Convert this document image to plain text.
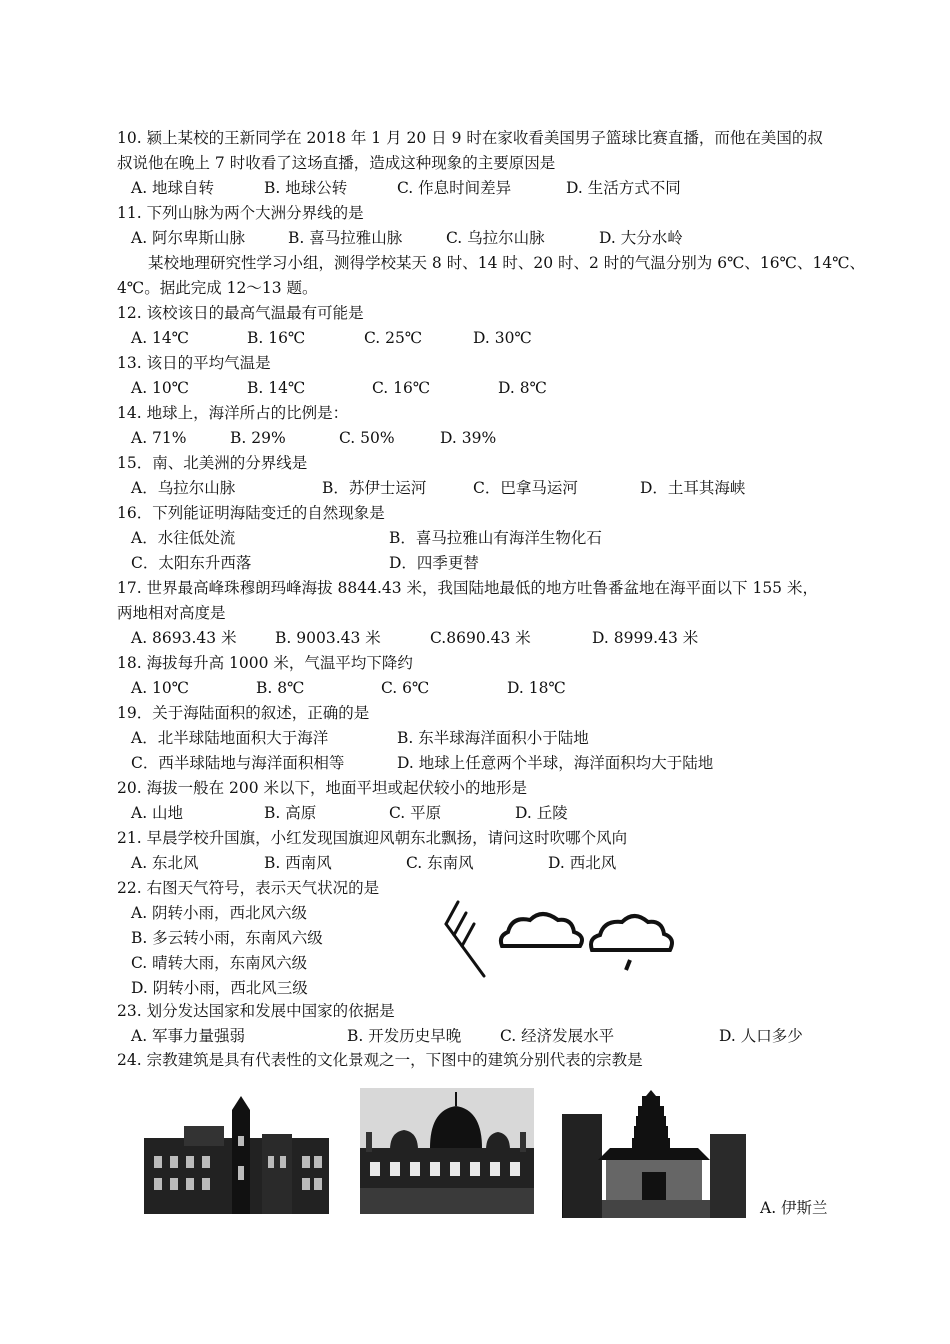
10. 颍上某校的王新同学在 2018 年 1 月 20 日 9 时在家收看美国男子篮球比赛直播，而他在美国的叔
叔说他在晚上 7 时收看了这场直播，造成这种现象的主要原因是
A. 地球自转	B. 地球公转	C. 作息时间差异	D. 生活方式不同
11. 下列山脉为两个大洲分界线的是
A. 阿尔卑斯山脉	B. 喜马拉雅山脉	C. 乌拉尔山脉	D. 大分水岭
某校地理研究性学习小组，测得学校某天 8 时、14 时、20 时、2 时的气温分别为 6℃、16℃、14℃、
4℃。据此完成 12～13 题。
12. 该校该日的最高气温最有可能是
A. 14℃	B. 16℃	C. 25℃	D. 30℃
13. 该日的平均气温是
A. 10℃	B. 14℃	C. 16℃	D. 8℃
14. 地球上，海洋所占的比例是：
A. 71%	B. 29%	C. 50%	D. 39%
15．南、北美洲的分界线是
A．乌拉尔山脉	B．苏伊士运河	C．巴拿马运河	D．土耳其海峡
16．下列能证明海陆变迁的自然现象是
A．水往低处流	B．喜马拉雅山有海洋生物化石
C．太阳东升西落	D．四季更替
17. 世界最高峰珠穆朗玛峰海拔 8844.43 米，我国陆地最低的地方吐鲁番盆地在海平面以下 155 米，
两地相对高度是
A. 8693.43 米 B. 9003.43 米	C.8690.43 米	D. 8999.43 米
18. 海拔每升高 1000 米，气温平均下降约
A. 10℃	B. 8℃	C. 6℃	D. 18℃
19．关于海陆面积的叙述，正确的是
A．北半球陆地面积大于海洋	B. 东半球海洋面积小于陆地
C．西半球陆地与海洋面积相等	D. 地球上任意两个半球，海洋面积均大于陆地
20. 海拔一般在 200 米以下，地面平坦或起伏较小的地形是
A. 山地	B. 高原	C. 平原	D. 丘陵
21. 早晨学校升国旗，小红发现国旗迎风朝东北飘扬，请问这时吹哪个风向
A. 东北风	B. 西南风	C. 东南风	D. 西北风
22. 右图天气符号，表示天气状况的是
A. 阴转小雨，西北风六级
B. 多云转小雨，东南风六级
C. 晴转大雨，东南风六级
D. 阴转小雨，西北风三级
23. 划分发达国家和发展中国家的依据是
A. 军事力量强弱	B. 开发历史早晚	C. 经济发展水平	D. 人口多少
24. 宗教建筑是具有代表性的文化景观之一，下图中的建筑分别代表的宗教是
A. 伊斯兰
